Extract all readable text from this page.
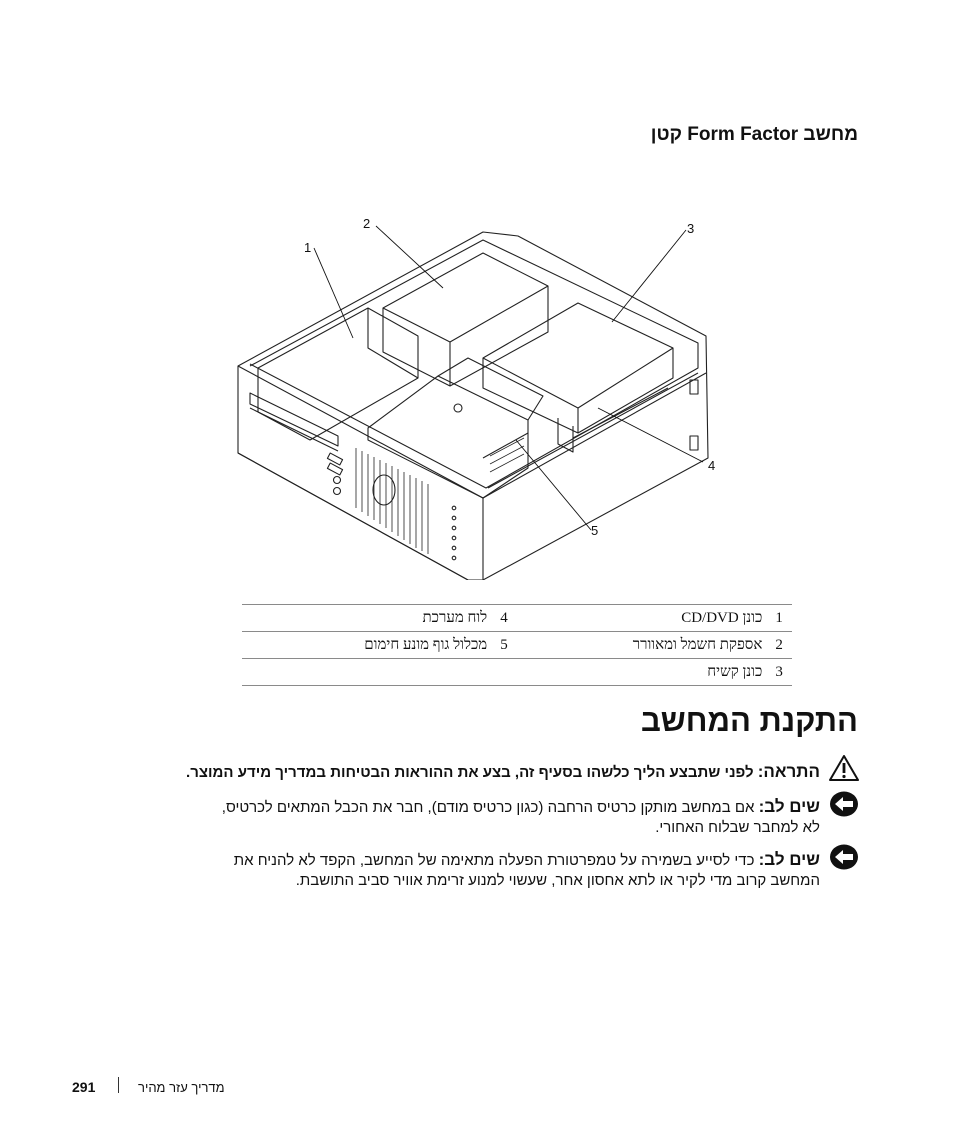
מחשב Form Factor קטן
1
2	3
4
5
1	כונן CD/DVD	4	לוח מערכת
2	אספקת חשמל ומאוורר	5	מכלול גוף מונע חימום
3	כונן קשיח		
התקנת המחשב
התראה: לפני שתבצע הליך כלשהו בסעיף זה, בצע את ההוראות הבטיחות במדריך מידע המוצר.
שים לב: אם במחשב מותקן כרטיס הרחבה (כגון כרטיס מודם), חבר את הכבל המתאים לכרטיס,
לא למחבר שבלוח האחורי.
שים לב: כדי לסייע בשמירה על טמפרטורת הפעלה מתאימה של המחשב, הקפד לא להניח את
המחשב קרוב מדי לקיר או לתא אחסון אחר, שעשוי למנוע זרימת אוויר סביב התושבת.
291	מדריך עזר מהיר
